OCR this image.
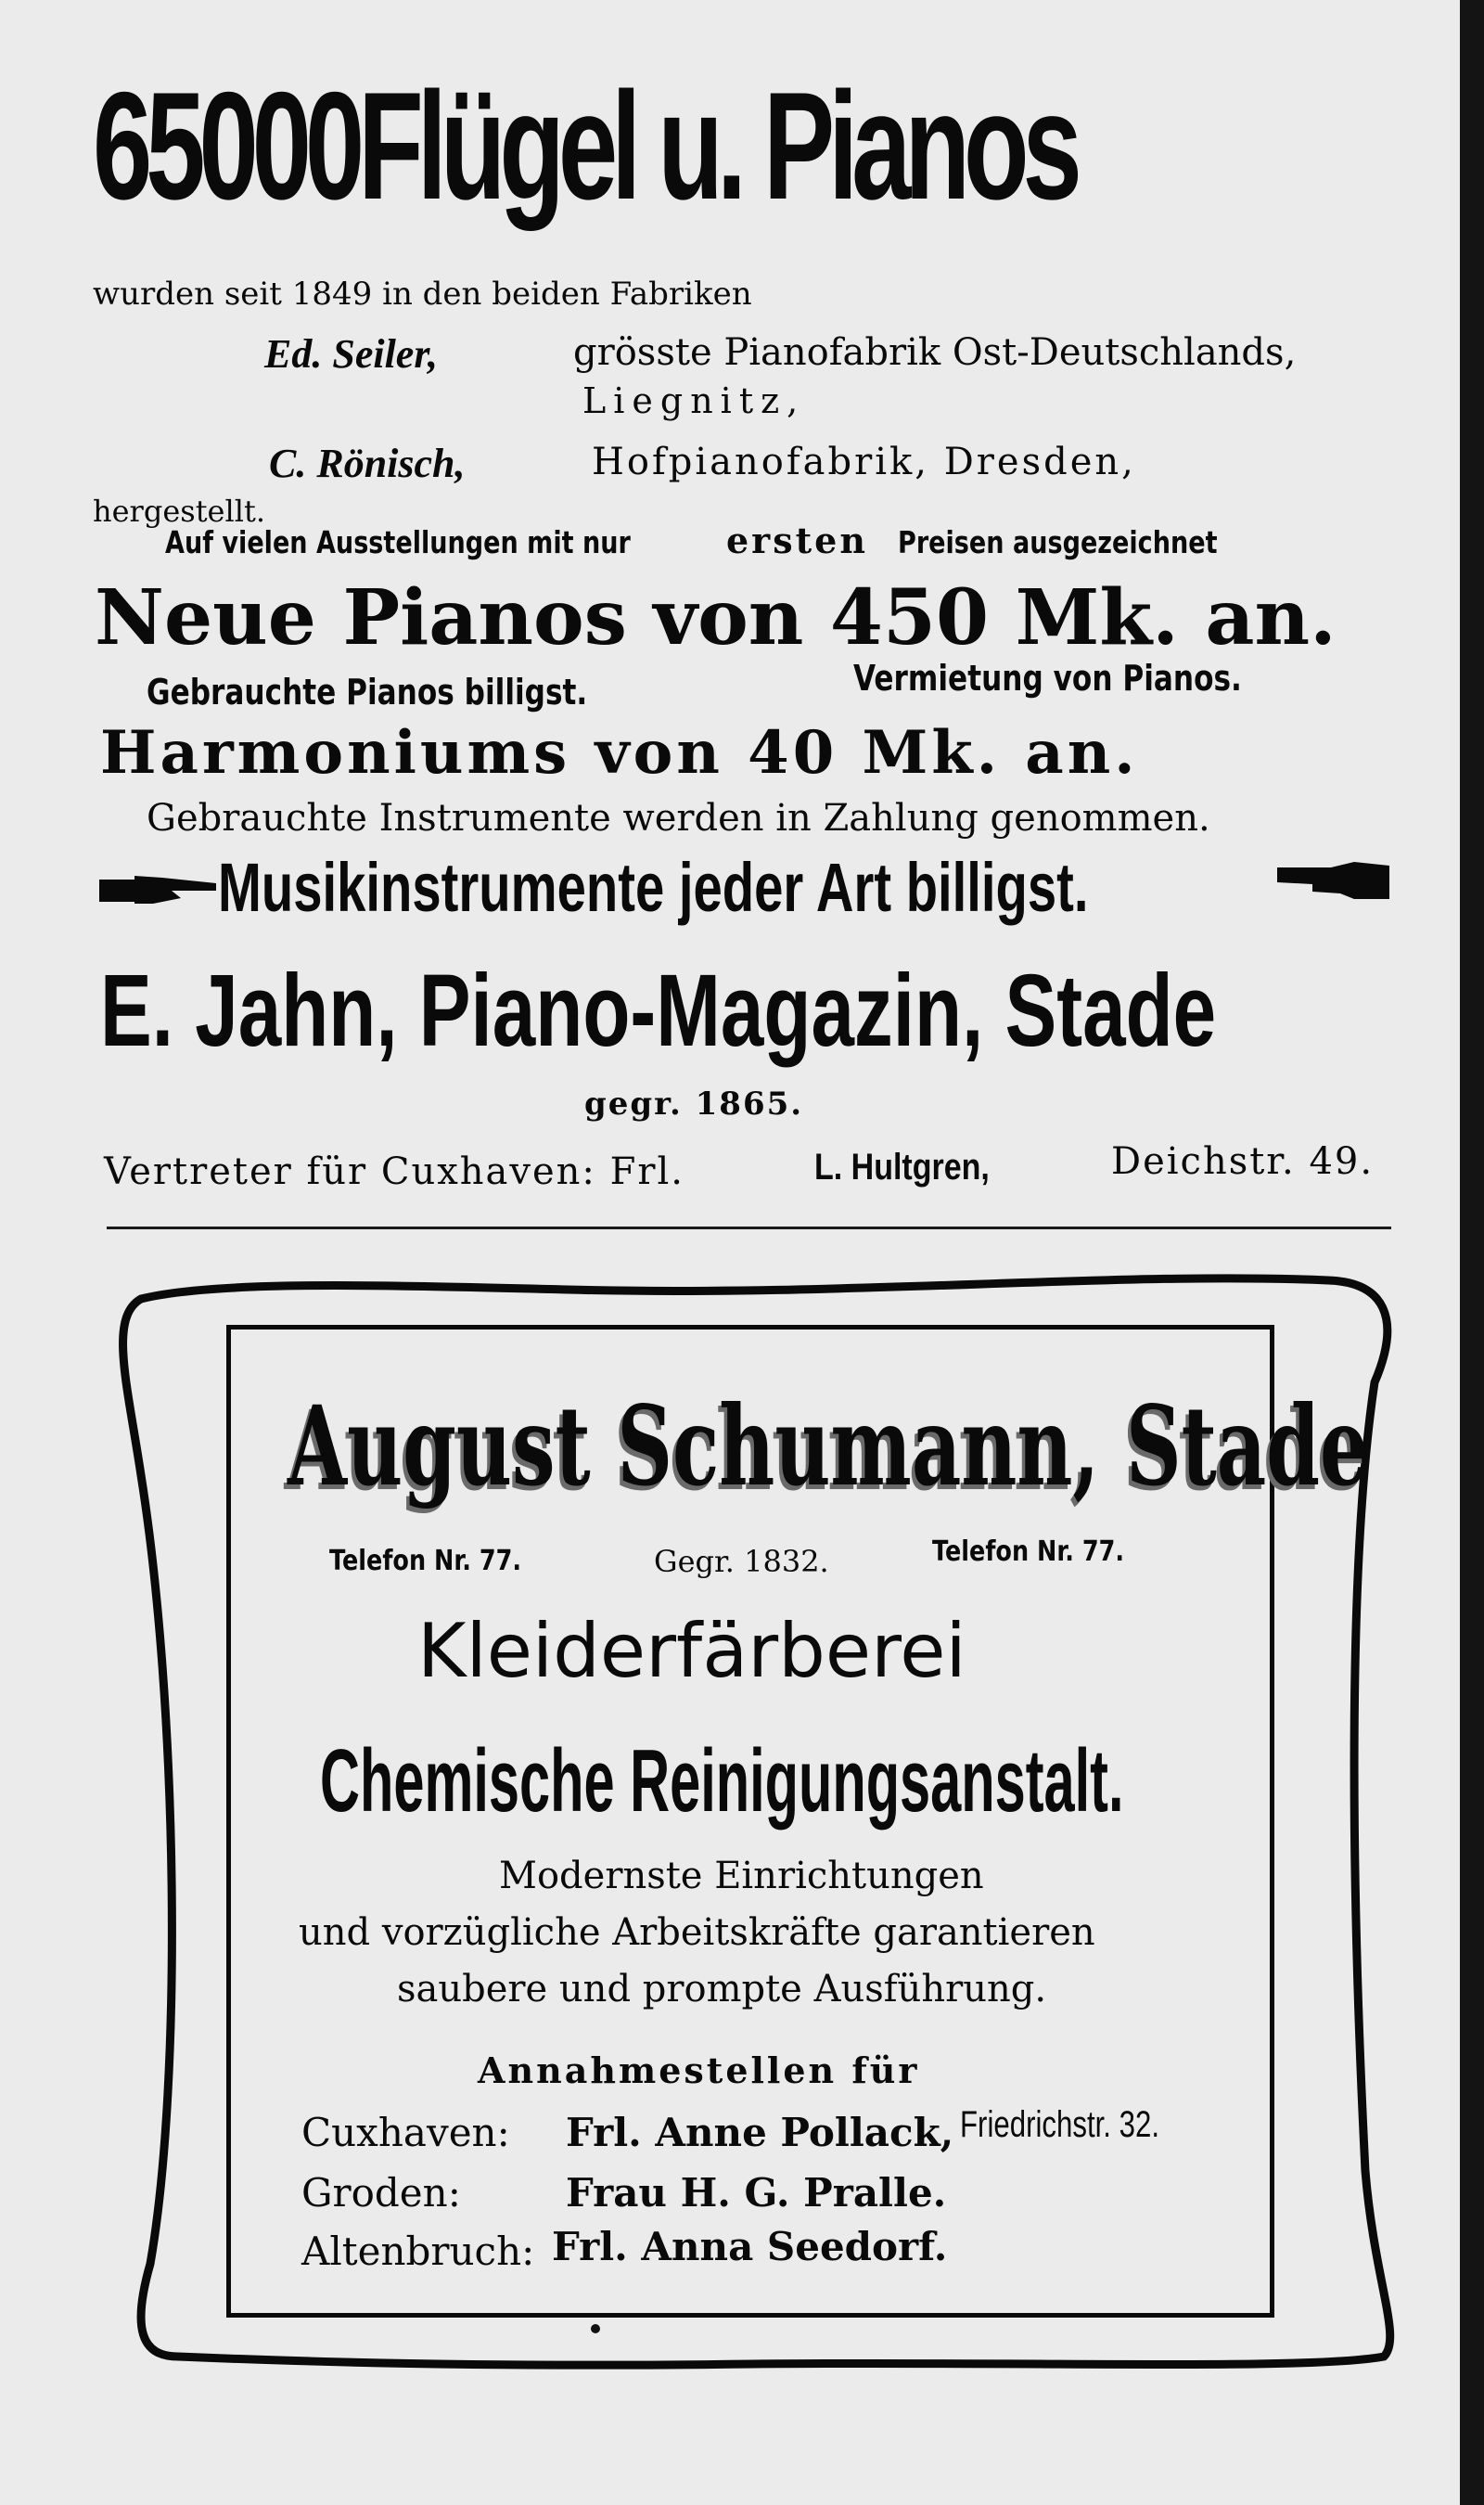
65000Flügel u. Pianos
wurden seit 1849 in den beiden Fabriken
Ed. Seiler,	grösste Pianofabrik Ost-Deutschlands,
Liegnitz,
C. Rönisch,	Hofpianofabrik, Dresden,
hergestellt.
Auf vielen Ausstellungen mit nur	ersten Preisen ausgezeichnet
Neue Pianos von 450 Mk. an.
Gebrauchte Pianos billigst.	Vermietung von Pianos.
Harmoniums von 40 Mk. an.
Gebrauchte Instrumente werden in Zahlung genommen.
Musikinstrumente jeder Art billigst.
E. Jahn, Piano-Magazin, Stade
gegr. 1865.
Vertreter für Cuxhaven: Frl.	L. Hultgren,	Deichstr. 49.
August Schumann, Stade
Telefon Nr. 77.	Gegr. 1832.	Telefon Nr. 77.
Kleiderfärberei
Chemische Reinigungsanstalt.
Modernste Einrichtungen
und vorzügliche Arbeitskräfte garantieren
saubere und prompte Ausführung.
Annahmestellen für
Cuxhaven: Frl. Anne Pollack, Friedrichstr. 32.
Groden:	Frau H. G. Pralle.
Altenbruch: Frl. Anna Seedorf.
